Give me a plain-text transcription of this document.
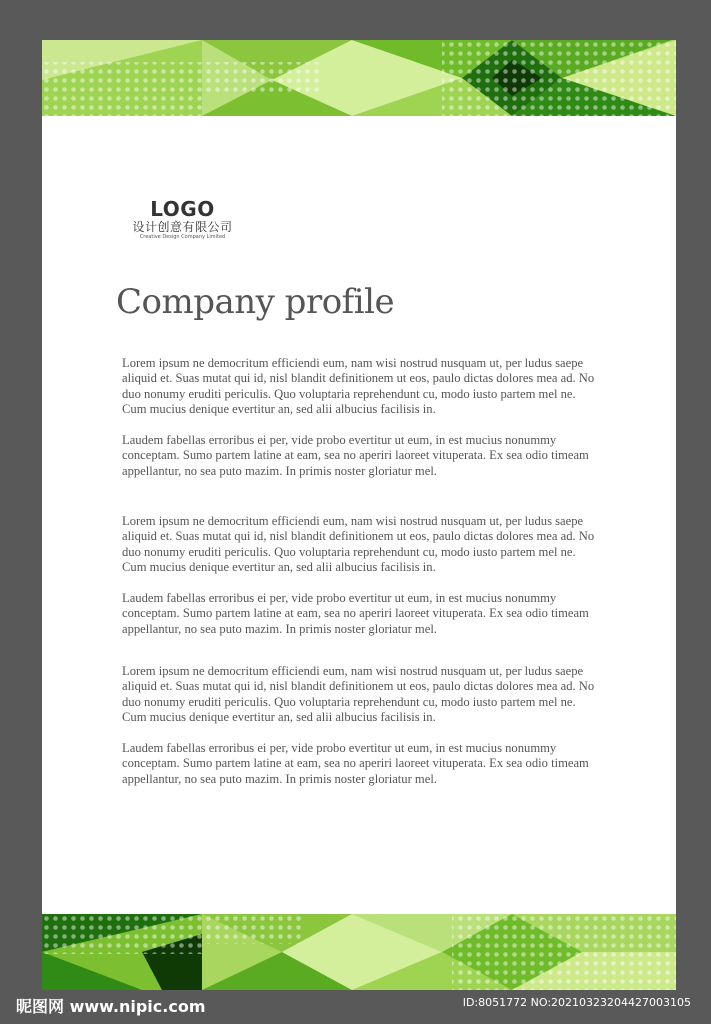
LOGO
设计创意有限公司
Creative Design Company Limited
Company profile

Lorem ipsum ne democritum efficiendi eum, nam wisi nostrud nusquam ut, per ludus saepe aliquid et. Suas mutat qui id, nisl blandit definitionem ut eos, paulo dictas dolores mea ad. No duo nonumy eruditi periculis. Quo voluptaria reprehendunt cu, modo iusto partem mel ne. Cum mucius denique evertitur an, sed alii albucius facilisis in.

Laudem fabellas erroribus ei per, vide probo evertitur ut eum, in est mucius nonummy conceptam. Sumo partem latine at eam, sea no aperiri laoreet vituperata. Ex sea odio timeam appellantur, no sea puto mazim. In primis noster gloriatur mel.

Lorem ipsum ne democritum efficiendi eum, nam wisi nostrud nusquam ut, per ludus saepe aliquid et. Suas mutat qui id, nisl blandit definitionem ut eos, paulo dictas dolores mea ad. No duo nonumy eruditi periculis. Quo voluptaria reprehendunt cu, modo iusto partem mel ne. Cum mucius denique evertitur an, sed alii albucius facilisis in.

Laudem fabellas erroribus ei per, vide probo evertitur ut eum, in est mucius nonummy conceptam. Sumo partem latine at eam, sea no aperiri laoreet vituperata. Ex sea odio timeam appellantur, no sea puto mazim. In primis noster gloriatur mel.

Lorem ipsum ne democritum efficiendi eum, nam wisi nostrud nusquam ut, per ludus saepe aliquid et. Suas mutat qui id, nisl blandit definitionem ut eos, paulo dictas dolores mea ad. No duo nonumy eruditi periculis. Quo voluptaria reprehendunt cu, modo iusto partem mel ne. Cum mucius denique evertitur an, sed alii albucius facilisis in.

Laudem fabellas erroribus ei per, vide probo evertitur ut eum, in est mucius nonummy conceptam. Sumo partem latine at eam, sea no aperiri laoreet vituperata. Ex sea odio timeam appellantur, no sea puto mazim. In primis noster gloriatur mel.

昵图网 www.nipic.com	ID:8051772 NO:20210323204427003105
